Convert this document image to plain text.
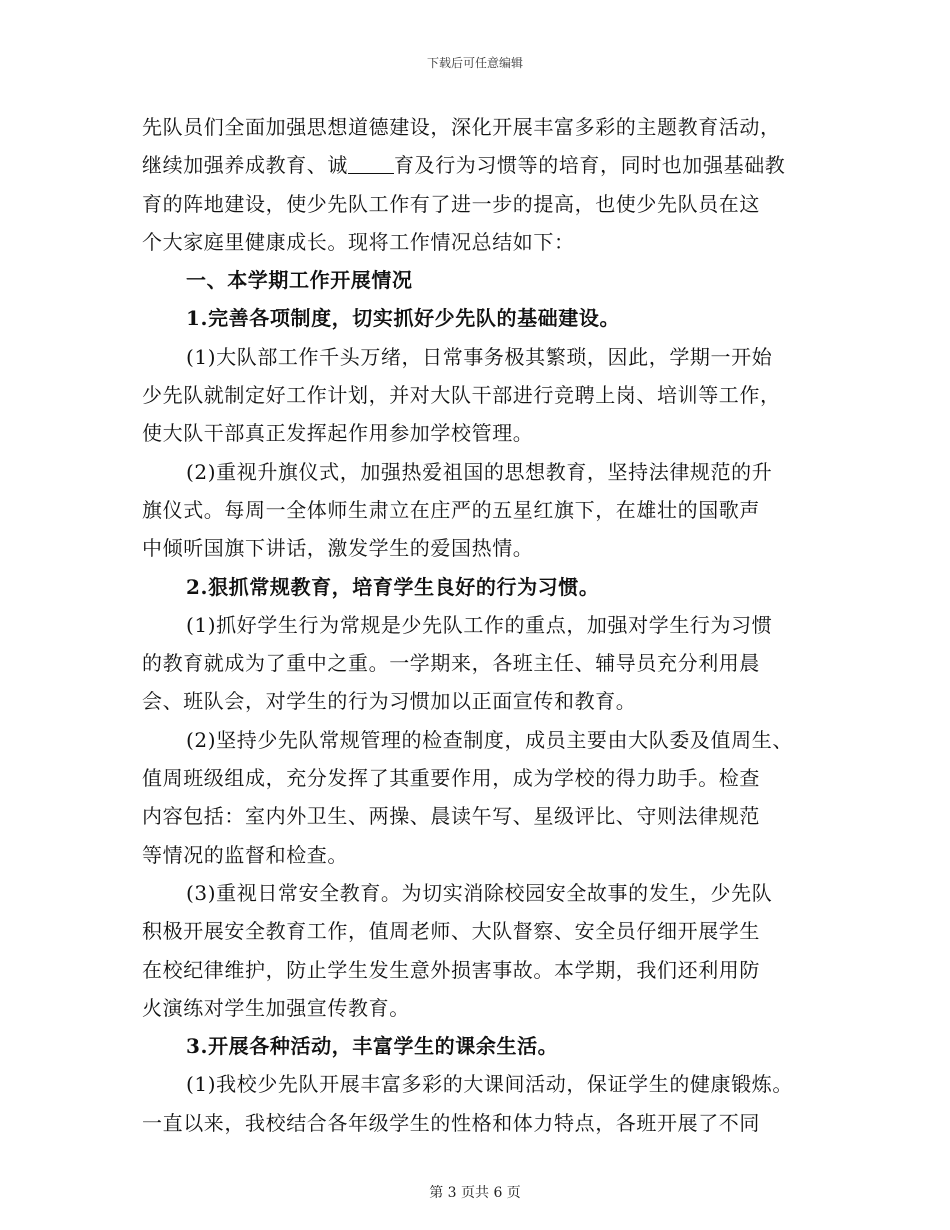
下载后可任意编辑
先队员们全面加强思想道德建设，深化开展丰富多彩的主题教育活动，
继续加强养成教育、诚 育及行为习惯等的培育，同时也加强基础教
育的阵地建设，使少先队工作有了进一步的提高，也使少先队员在这
个大家庭里健康成长。现将工作情况总结如下：
一、本学期工作开展情况
1.完善各项制度，切实抓好少先队的基础建设。
(1)大队部工作千头万绪，日常事务极其繁琐，因此，学期一开始
少先队就制定好工作计划，并对大队干部进行竞聘上岗、培训等工作，
使大队干部真正发挥起作用参加学校管理。
(2)重视升旗仪式，加强热爱祖国的思想教育，坚持法律规范的升
旗仪式。每周一全体师生肃立在庄严的五星红旗下，在雄壮的国歌声
中倾听国旗下讲话，激发学生的爱国热情。
2.狠抓常规教育，培育学生良好的行为习惯。
(1)抓好学生行为常规是少先队工作的重点，加强对学生行为习惯
的教育就成为了重中之重。一学期来，各班主任、辅导员充分利用晨
会、班队会，对学生的行为习惯加以正面宣传和教育。
(2)坚持少先队常规管理的检查制度，成员主要由大队委及值周生、
值周班级组成，充分发挥了其重要作用，成为学校的得力助手。检查
内容包括：室内外卫生、两操、晨读午写、星级评比、守则法律规范
等情况的监督和检查。
(3)重视日常安全教育。为切实消除校园安全故事的发生，少先队
积极开展安全教育工作，值周老师、大队督察、安全员仔细开展学生
在校纪律维护，防止学生发生意外损害事故。本学期，我们还利用防
火演练对学生加强宣传教育。
3.开展各种活动，丰富学生的课余生活。
(1)我校少先队开展丰富多彩的大课间活动，保证学生的健康锻炼。
一直以来，我校结合各年级学生的性格和体力特点，各班开展了不同
第 3 页共 6 页
